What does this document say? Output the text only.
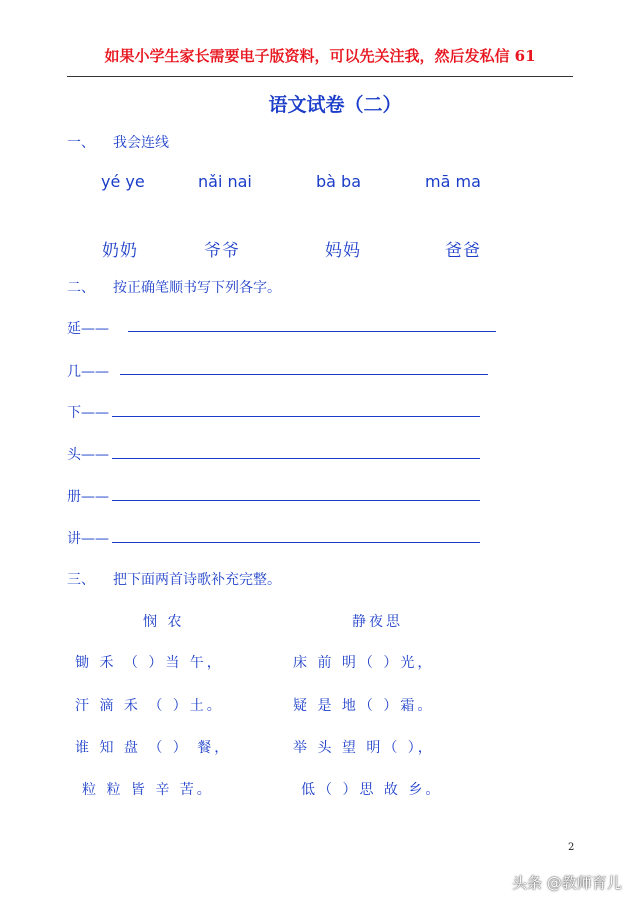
如果小学生家长需要电子版资料，可以先关注我，然后发私信 61
语文试卷（二）
一、 我会连线
yé ye	nǎi nai	bà ba	mā ma
奶奶	爷爷	妈妈	爸爸
二、 按正确笔顺书写下列各字。
延——
几——
下——
头——
册——
讲——
三、 把下面两首诗歌补充完整。
悯 农	静夜思
锄 禾 （ ）当 午，
汗 滴 禾 （ ）土。
谁 知 盘 （ ） 餐，
粒 粒 皆 辛 苦。
床 前 明（ ）光，
疑 是 地（ ）霜。
举 头 望 明（ ），
低（ ）思 故 乡。
2
头条 @教师育儿
